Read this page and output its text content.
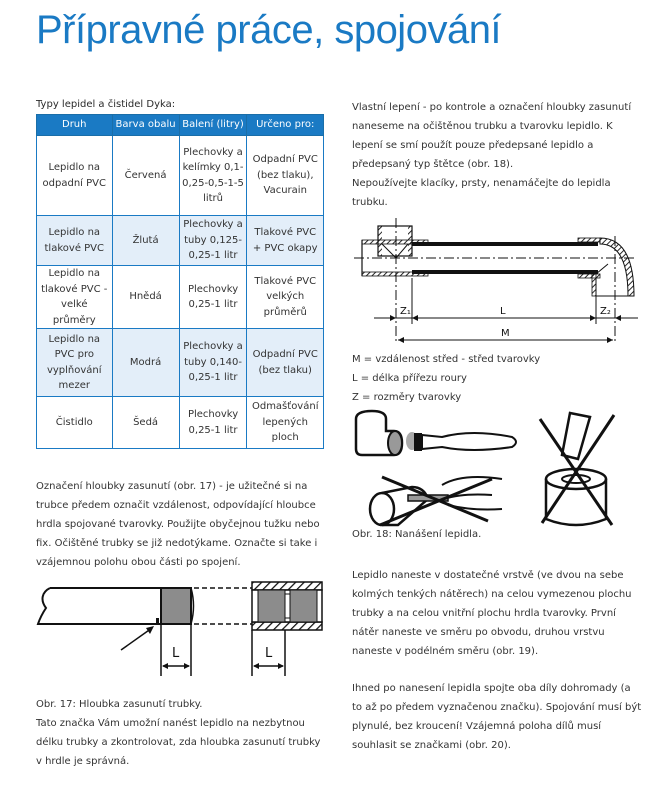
Přípravné práce, spojování

Typy lepidel a čistidel Dyka:

Druh	Barva obalu	Balení (litry)	Určeno pro:
Lepidlo na odpadní PVC	Červená	Plechovky a kelímky 0,1-0,25-0,5-1-5 litrů	Odpadní PVC (bez tlaku), Vacurain
Lepidlo na tlakové PVC	Žlutá	Plechovky a tuby 0,125-0,25-1 litr	Tlakové PVC + PVC okapy
Lepidlo na tlakové PVC - velké průměry	Hnědá	Plechovky 0,25-1 litr	Tlakové PVC velkých průměrů
Lepidlo na PVC pro vyplňování mezer	Modrá	Plechovky a tuby 0,140-0,25-1 litr	Odpadní PVC (bez tlaku)
Čistidlo	Šedá	Plechovky 0,25-1 litr	Odmašťování lepených ploch

Označení hloubky zasunutí (obr. 17) - je užitečné si na trubce předem označit vzdálenost, odpovídající hloubce hrdla spojované tvarovky. Použijte obyčejnou tužku nebo fix. Očištěné trubky se již nedotýkame. Označte si take i vzájemnou polohu obou části po spojení.

L	L

Obr. 17: Hloubka zasunutí trubky.

Tato značka Vám umožní nanést lepidlo na nezbytnou délku trubky a zkontrolovat, zda hloubka zasunutí trubky v hrdle je správná.

Vlastní lepení - po kontrole a označení hloubky zasunutí naneseme na očištěnou trubku a tvarovku lepidlo. K lepení se smí použít pouze předepsané lepidlo a předepsaný typ štětce (obr. 18).

Nepoužívejte klacíky, prsty, nenamáčejte do lepidla trubku.

Z₁	L	Z₂
M

M = vzdálenost střed - střed tvarovky

L = délka přířezu roury

Z = rozměry tvarovky

Obr. 18: Nanášení lepidla.

Lepidlo naneste v dostatečné vrstvě (ve dvou na sebe kolmých tenkých nátěrech) na celou vymezenou plochu trubky a na celou vnitřní plochu hrdla tvarovky. První nátěr naneste ve směru po obvodu, druhou vrstvu naneste v podélném směru (obr. 19).

Ihned po nanesení lepidla spojte oba díly dohromady (a to až po předem vyznačenou značku). Spojování musí být plynulé, bez kroucení! Vzájemná poloha dílů musí souhlasit se značkami (obr. 20).
